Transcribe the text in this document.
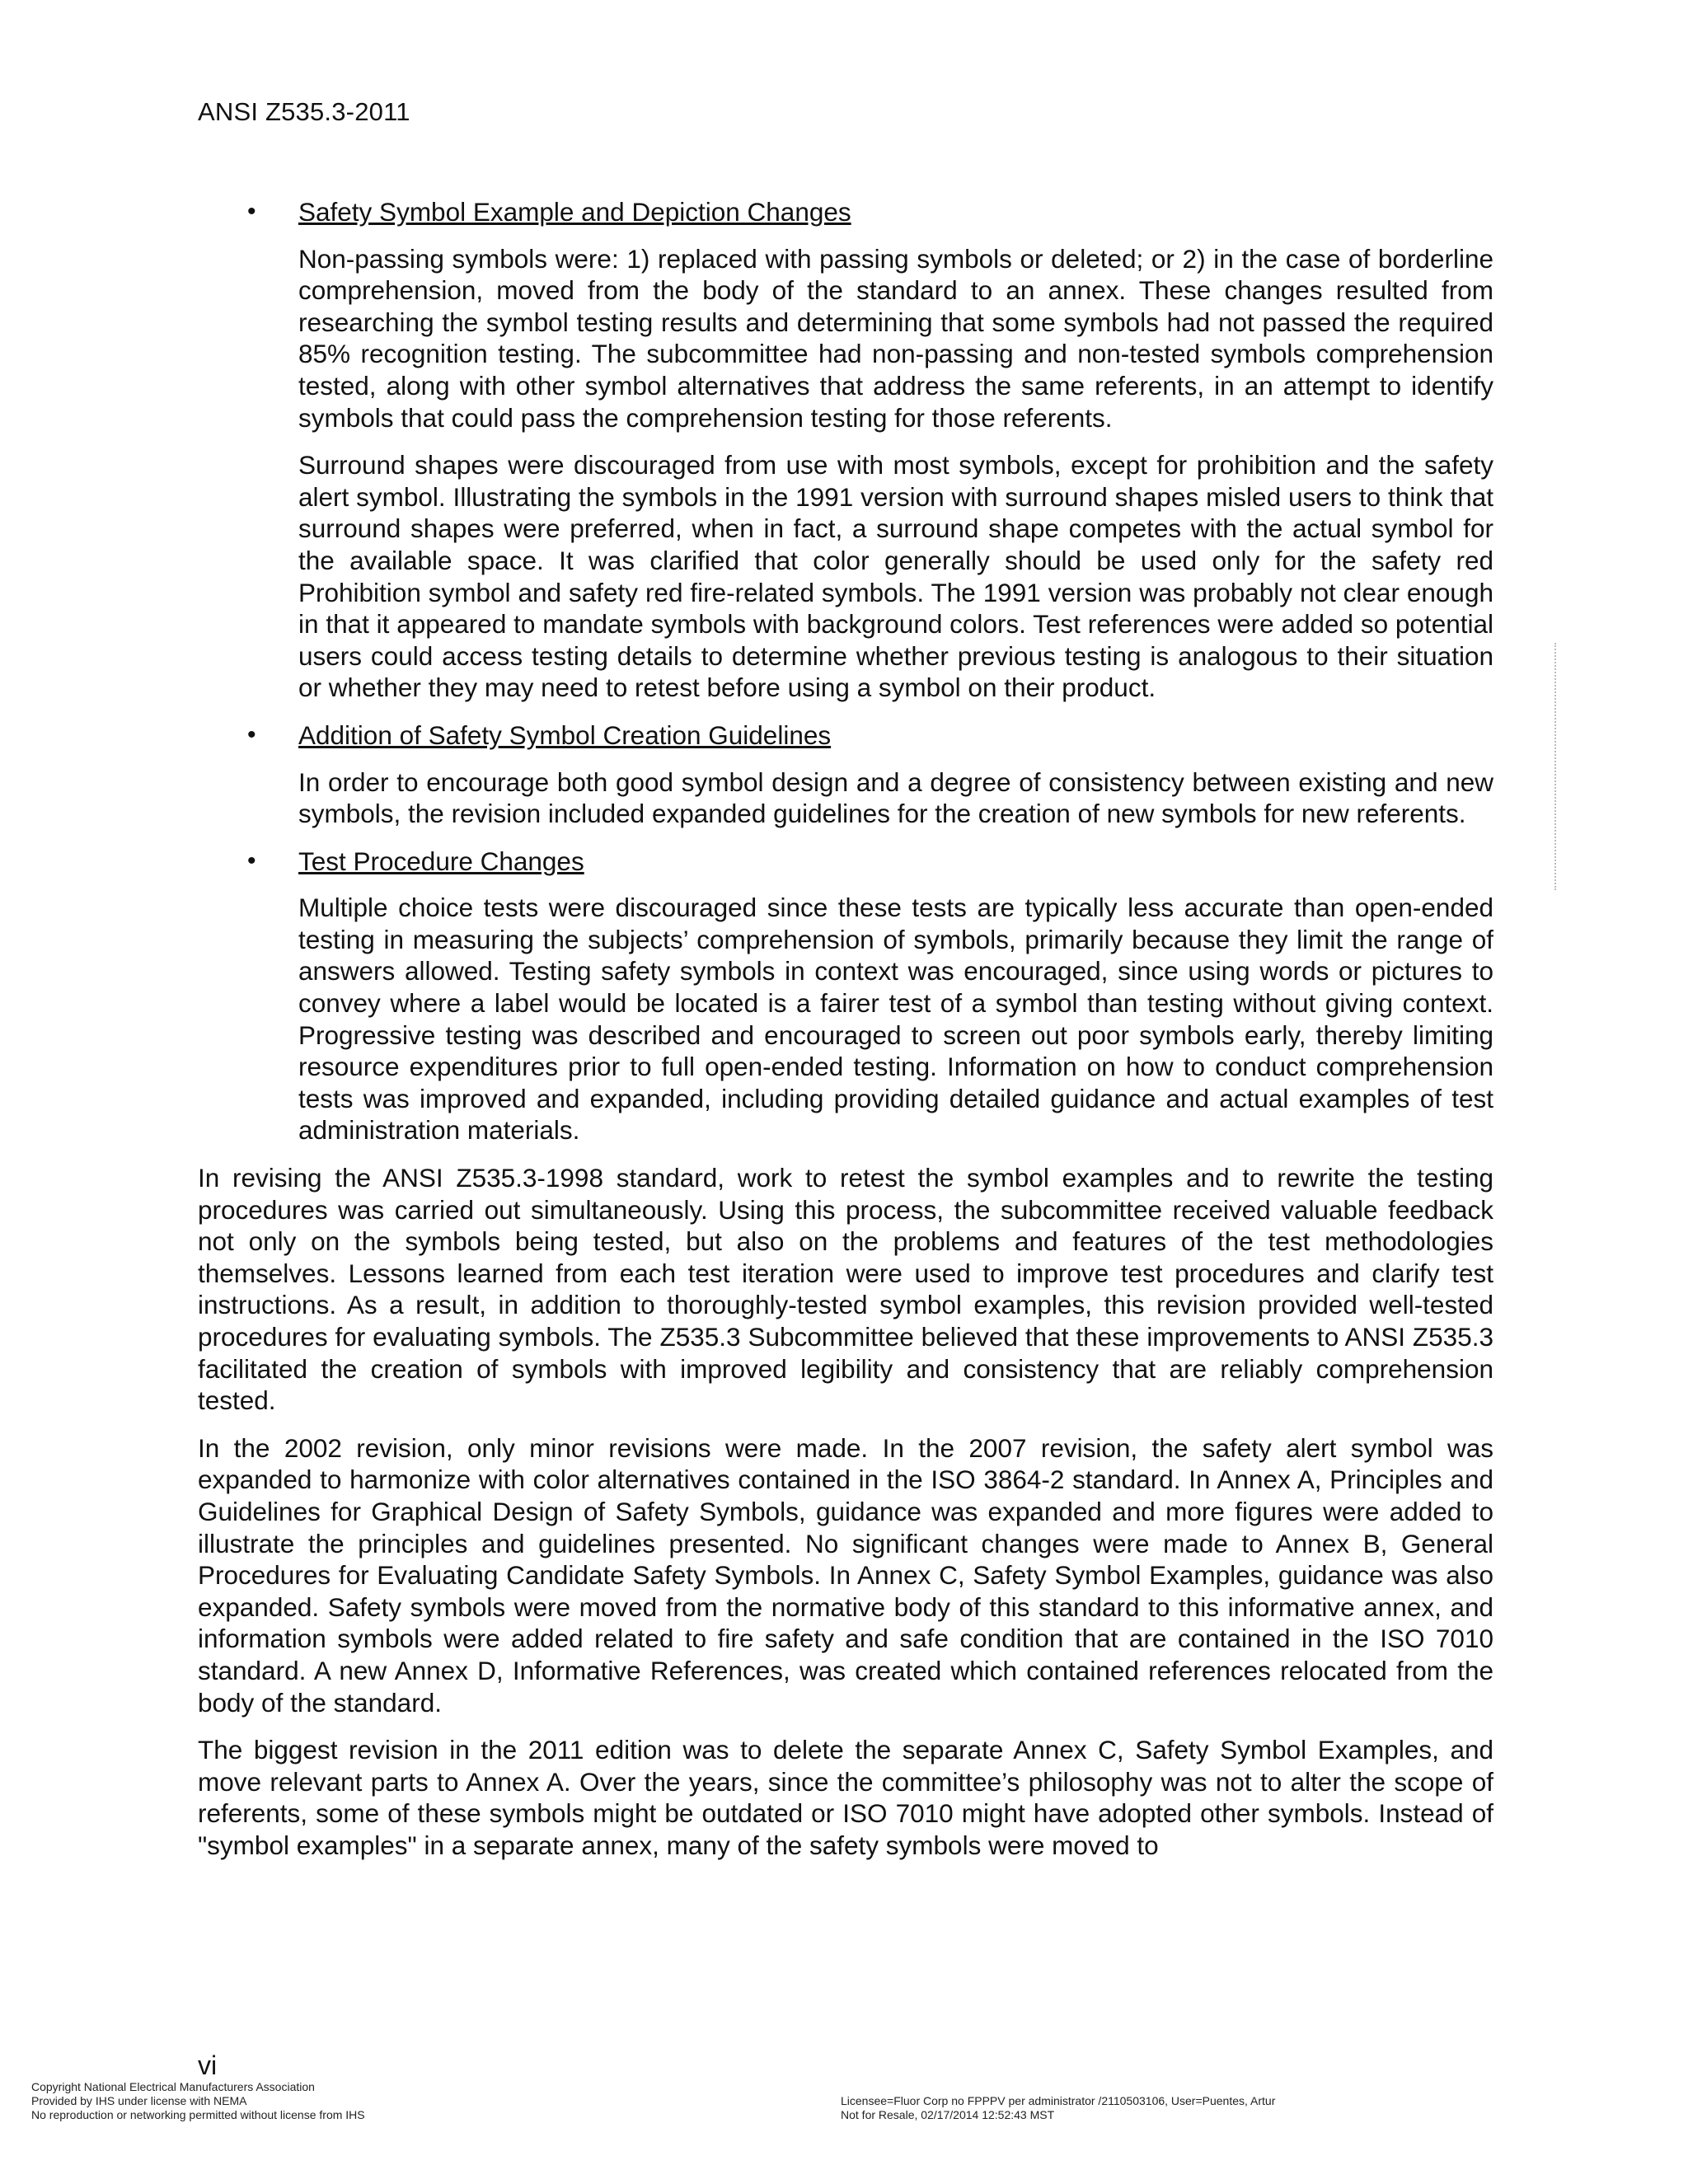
ANSI Z535.3-2011
• Safety Symbol Example and Depiction Changes

Non-passing symbols were: 1) replaced with passing symbols or deleted; or 2) in the case of borderline comprehension, moved from the body of the standard to an annex. These changes resulted from researching the symbol testing results and determining that some symbols had not passed the required 85% recognition testing. The subcommittee had non-passing and non-tested symbols comprehension tested, along with other symbol alternatives that address the same referents, in an attempt to identify symbols that could pass the comprehension testing for those referents.

Surround shapes were discouraged from use with most symbols, except for prohibition and the safety alert symbol. Illustrating the symbols in the 1991 version with surround shapes misled users to think that surround shapes were preferred, when in fact, a surround shape competes with the actual symbol for the available space. It was clarified that color generally should be used only for the safety red Prohibition symbol and safety red fire-related symbols. The 1991 version was probably not clear enough in that it appeared to mandate symbols with background colors. Test references were added so potential users could access testing details to determine whether previous testing is analogous to their situation or whether they may need to retest before using a symbol on their product.

• Addition of Safety Symbol Creation Guidelines

In order to encourage both good symbol design and a degree of consistency between existing and new symbols, the revision included expanded guidelines for the creation of new symbols for new referents.

• Test Procedure Changes

Multiple choice tests were discouraged since these tests are typically less accurate than open-ended testing in measuring the subjects’ comprehension of symbols, primarily because they limit the range of answers allowed. Testing safety symbols in context was encouraged, since using words or pictures to convey where a label would be located is a fairer test of a symbol than testing without giving context. Progressive testing was described and encouraged to screen out poor symbols early, thereby limiting resource expenditures prior to full open-ended testing. Information on how to conduct comprehension tests was improved and expanded, including providing detailed guidance and actual examples of test administration materials.

In revising the ANSI Z535.3-1998 standard, work to retest the symbol examples and to rewrite the testing procedures was carried out simultaneously. Using this process, the subcommittee received valuable feedback not only on the symbols being tested, but also on the problems and features of the test methodologies themselves. Lessons learned from each test iteration were used to improve test procedures and clarify test instructions. As a result, in addition to thoroughly-tested symbol examples, this revision provided well-tested procedures for evaluating symbols. The Z535.3 Subcommittee believed that these improvements to ANSI Z535.3 facilitated the creation of symbols with improved legibility and consistency that are reliably comprehension tested.

In the 2002 revision, only minor revisions were made. In the 2007 revision, the safety alert symbol was expanded to harmonize with color alternatives contained in the ISO 3864-2 standard. In Annex A, Principles and Guidelines for Graphical Design of Safety Symbols, guidance was expanded and more figures were added to illustrate the principles and guidelines presented. No significant changes were made to Annex B, General Procedures for Evaluating Candidate Safety Symbols. In Annex C, Safety Symbol Examples, guidance was also expanded. Safety symbols were moved from the normative body of this standard to this informative annex, and information symbols were added related to fire safety and safe condition that are contained in the ISO 7010 standard. A new Annex D, Informative References, was created which contained references relocated from the body of the standard.

The biggest revision in the 2011 edition was to delete the separate Annex C, Safety Symbol Examples, and move relevant parts to Annex A. Over the years, since the committee’s philosophy was not to alter the scope of referents, some of these symbols might be outdated or ISO 7010 might have adopted other symbols. Instead of "symbol examples" in a separate annex, many of the safety symbols were moved to

vi
Copyright National Electrical Manufacturers Association
Provided by IHS under license with NEMA
No reproduction or networking permitted without license from IHS
Licensee=Fluor Corp no FPPPV per administrator /2110503106, User=Puentes, Artur
Not for Resale, 02/17/2014 12:52:43 MST
